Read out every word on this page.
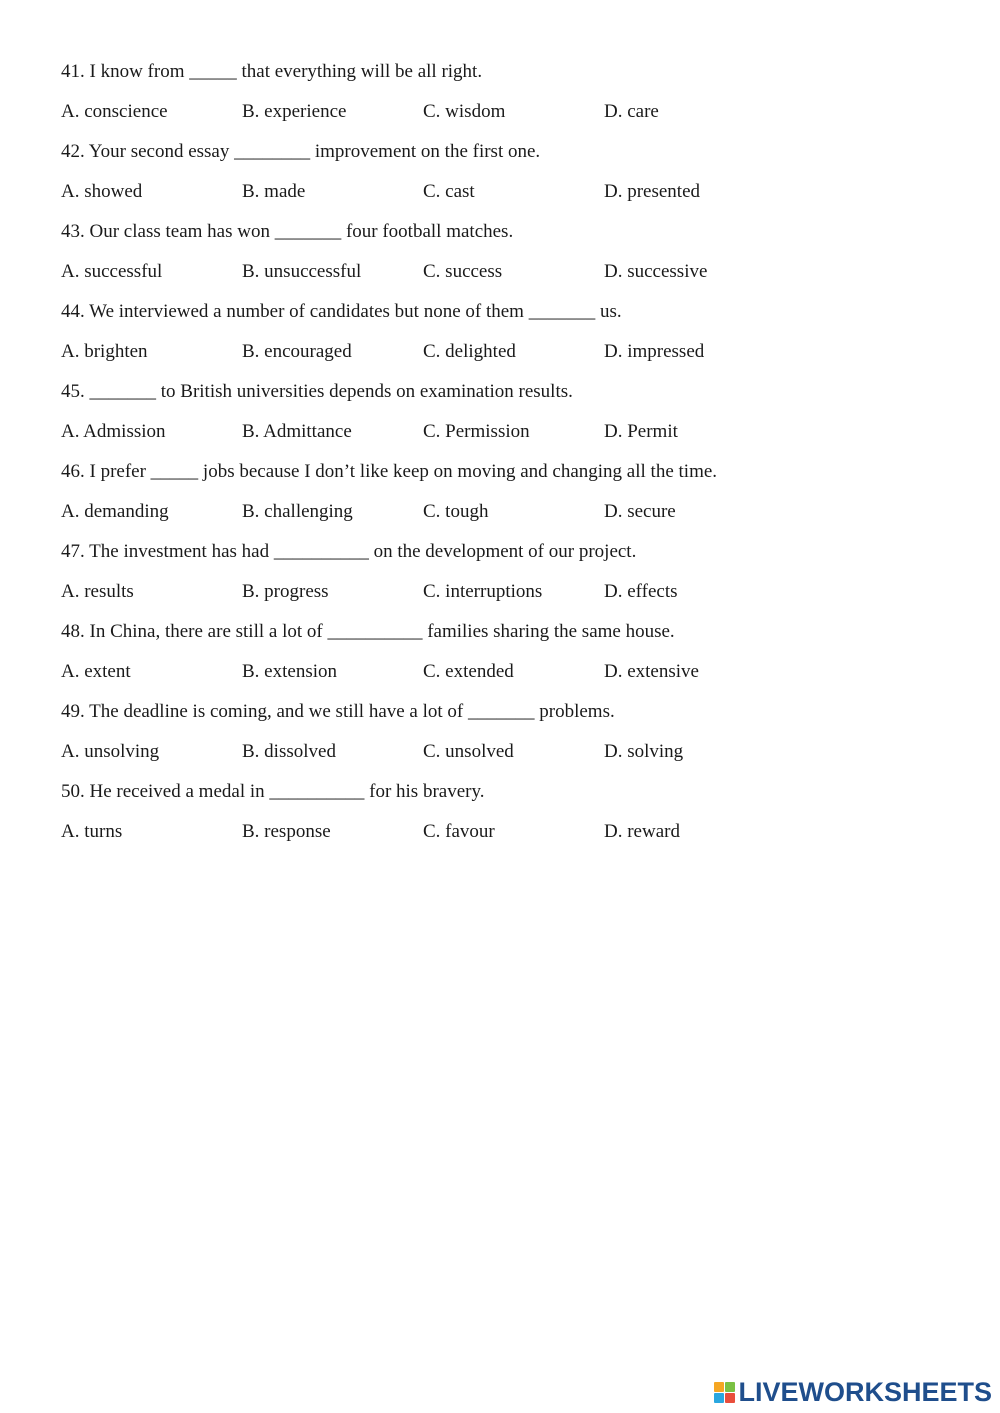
41. I know from _____ that everything will be all right.
A. conscience	B. experience	C. wisdom	D. care
42. Your second essay ________ improvement on the first one.
A. showed	B. made	C. cast	D. presented
43. Our class team has won _______ four football matches.
A. successful	B. unsuccessful	C. success	D. successive
44. We interviewed a number of candidates but none of them _______ us.
A. brighten	B. encouraged	C. delighted	D. impressed
45. _______ to British universities depends on examination results.
A. Admission	B. Admittance	C. Permission	D. Permit
46. I prefer _____ jobs because I don’t like keep on moving and changing all the time.
A. demanding	B. challenging	C. tough	D. secure
47. The investment has had __________ on the development of our project.
A. results	B. progress	C. interruptions	D. effects
48. In China, there are still a lot of __________ families sharing the same house.
A. extent	B. extension	C. extended	D. extensive
49. The deadline is coming, and we still have a lot of _______ problems.
A. unsolving	B. dissolved	C. unsolved	D. solving
50. He received a medal in __________ for his bravery.
A. turns	B. response	C. favour	D. reward
LIVEWORKSHEETS
